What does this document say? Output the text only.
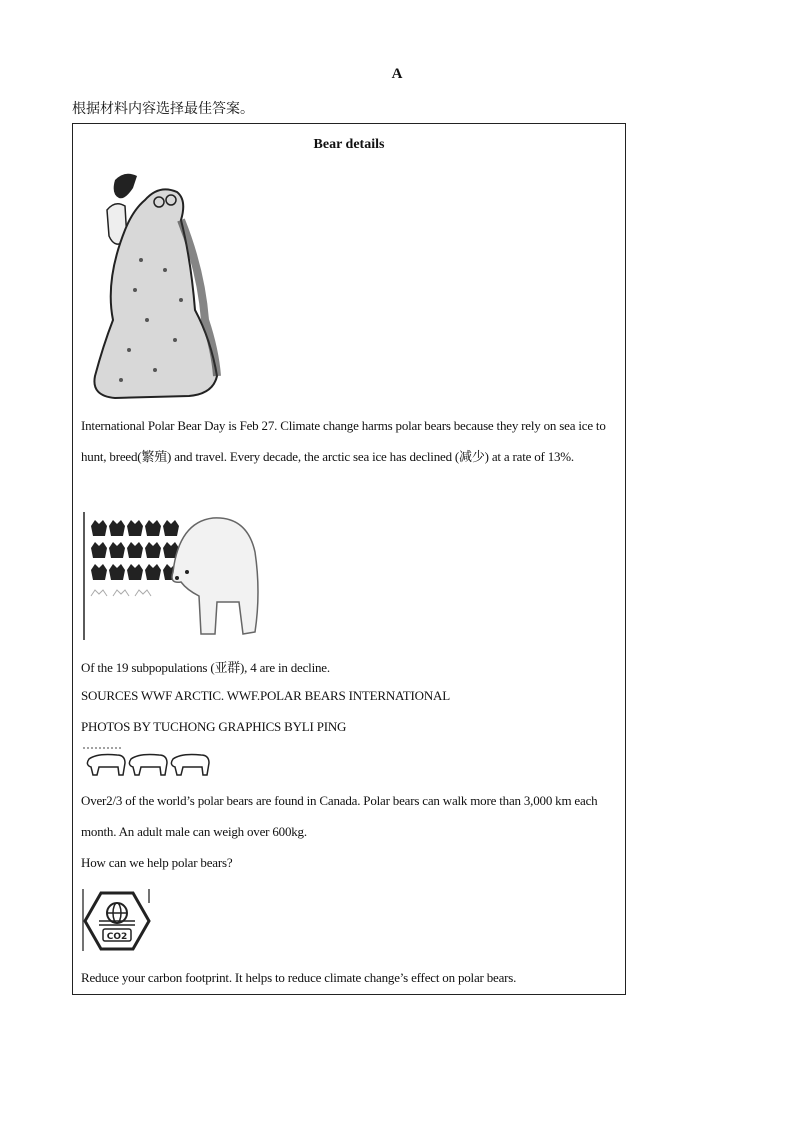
A
根据材料内容选择最佳答案。
Bear details
International Polar Bear Day is Feb 27. Climate change harms polar bears because they rely on sea ice to hunt, breed(繁殖) and travel. Every decade, the arctic sea ice has declined (减少) at a rate of 13%.
Of the 19 subpopulations (亚群), 4 are in decline.
SOURCES WWF ARCTIC. WWF.POLAR BEARS INTERNATIONAL
PHOTOS BY TUCHONG GRAPHICS BYLI PING
Over2/3 of the world’s polar bears are found in Canada. Polar bears can walk more than 3,000 km each month. An adult male can weigh over 600kg.
How can we help polar bears?
CO2
Reduce your carbon footprint. It helps to reduce climate change’s effect on polar bears.
